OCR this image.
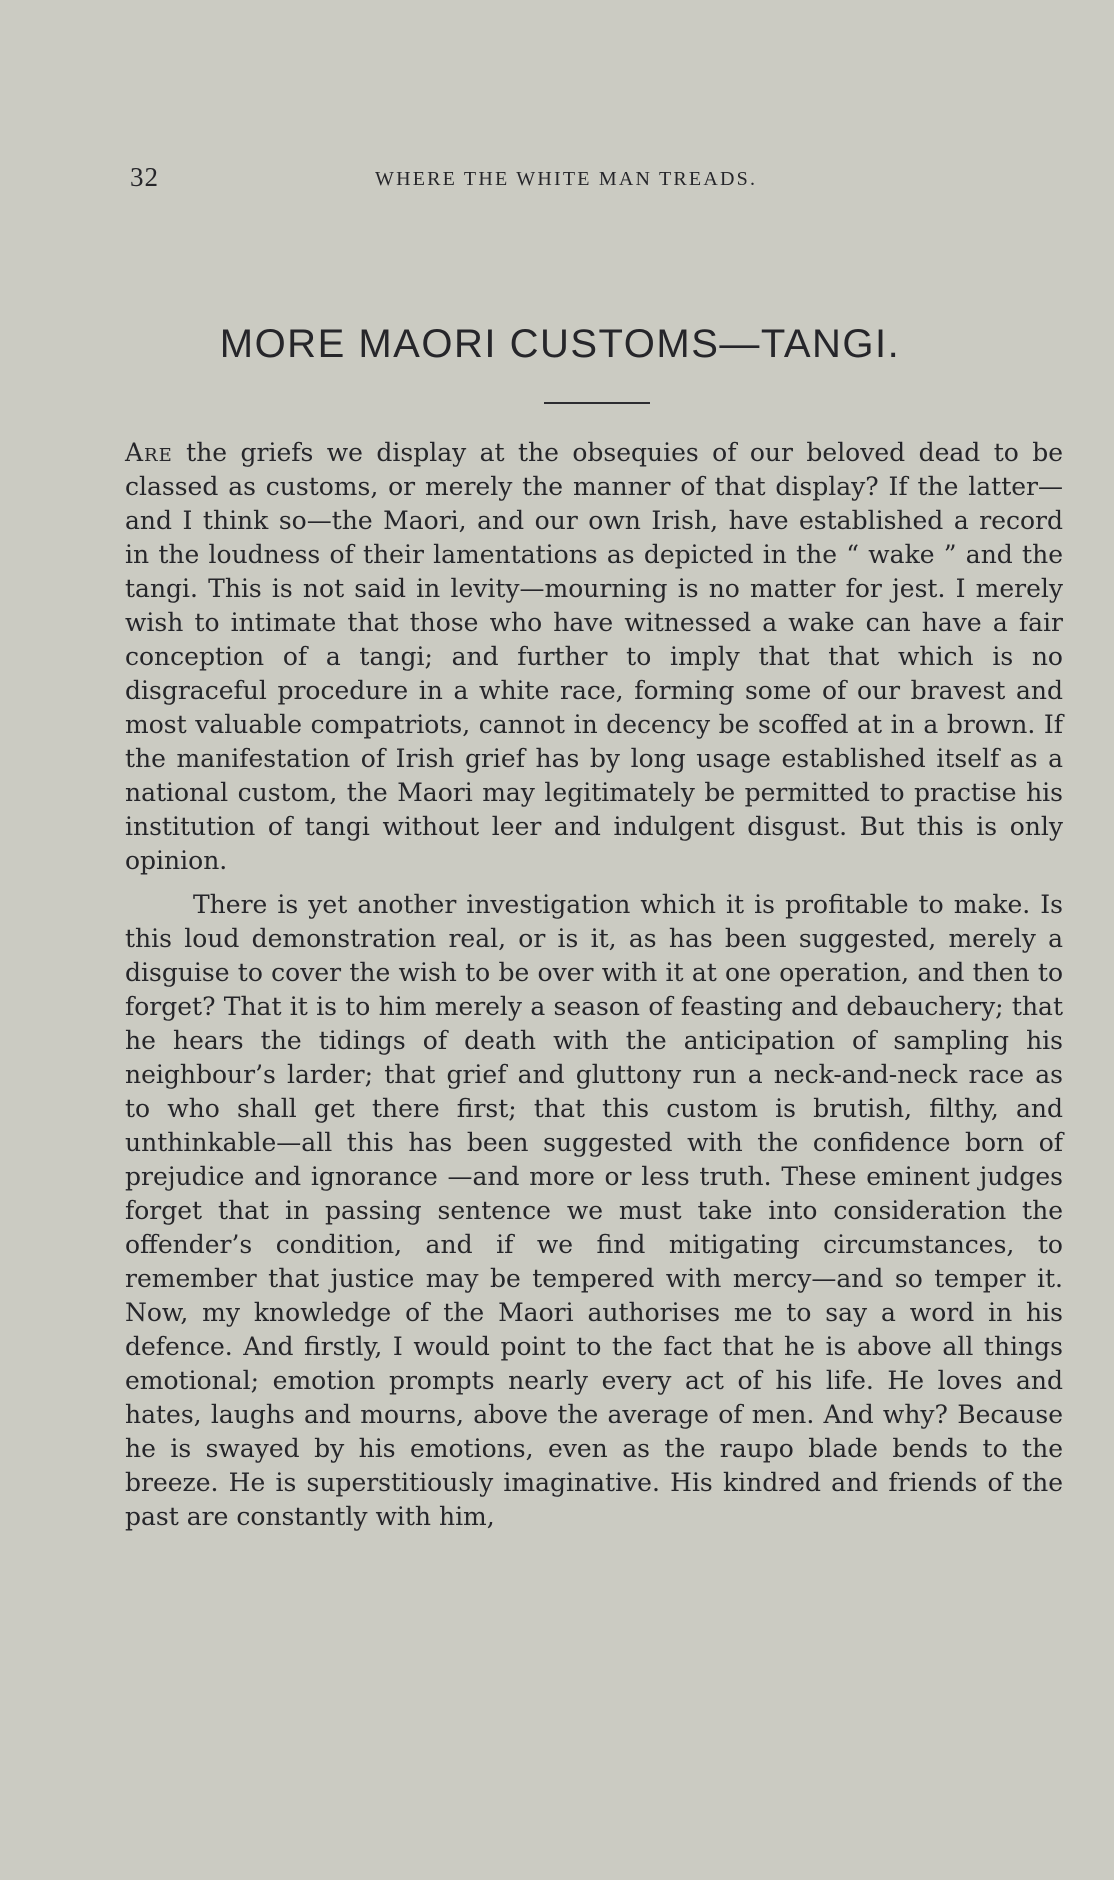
32	WHERE THE WHITE MAN TREADS.
MORE MAORI CUSTOMS—TANGI.

Are the griefs we display at the obsequies of our beloved dead to be classed as customs, or merely the manner of that display? If the latter—and I think so—the Maori, and our own Irish, have established a record in the loudness of their lamentations as depicted in the “ wake ” and the tangi. This is not said in levity—mourning is no matter for jest. I merely wish to intimate that those who have witnessed a wake can have a fair conception of a tangi; and further to imply that that which is no disgraceful procedure in a white race, forming some of our bravest and most valuable compatriots, cannot in decency be scoffed at in a brown. If the manifestation of Irish grief has by long usage established itself as a national custom, the Maori may legitimately be permitted to practise his institution of tangi without leer and indulgent disgust. But this is only opinion.

There is yet another investigation which it is profitable to make. Is this loud demonstration real, or is it, as has been suggested, merely a disguise to cover the wish to be over with it at one operation, and then to forget? That it is to him merely a season of feasting and debauchery; that he hears the tidings of death with the anticipation of sampling his neighbour’s larder; that grief and gluttony run a neck-and-neck race as to who shall get there first; that this custom is brutish, filthy, and unthinkable—all this has been suggested with the confidence born of prejudice and ignorance —and more or less truth. These eminent judges forget that in passing sentence we must take into consideration the offender’s condition, and if we find mitigating circumstances, to remember that justice may be tempered with mercy—and so temper it. Now, my knowledge of the Maori authorises me to say a word in his defence. And firstly, I would point to the fact that he is above all things emotional; emotion prompts nearly every act of his life. He loves and hates, laughs and mourns, above the average of men. And why? Because he is swayed by his emotions, even as the raupo blade bends to the breeze. He is superstitiously imaginative. His kindred and friends of the past are constantly with him,
